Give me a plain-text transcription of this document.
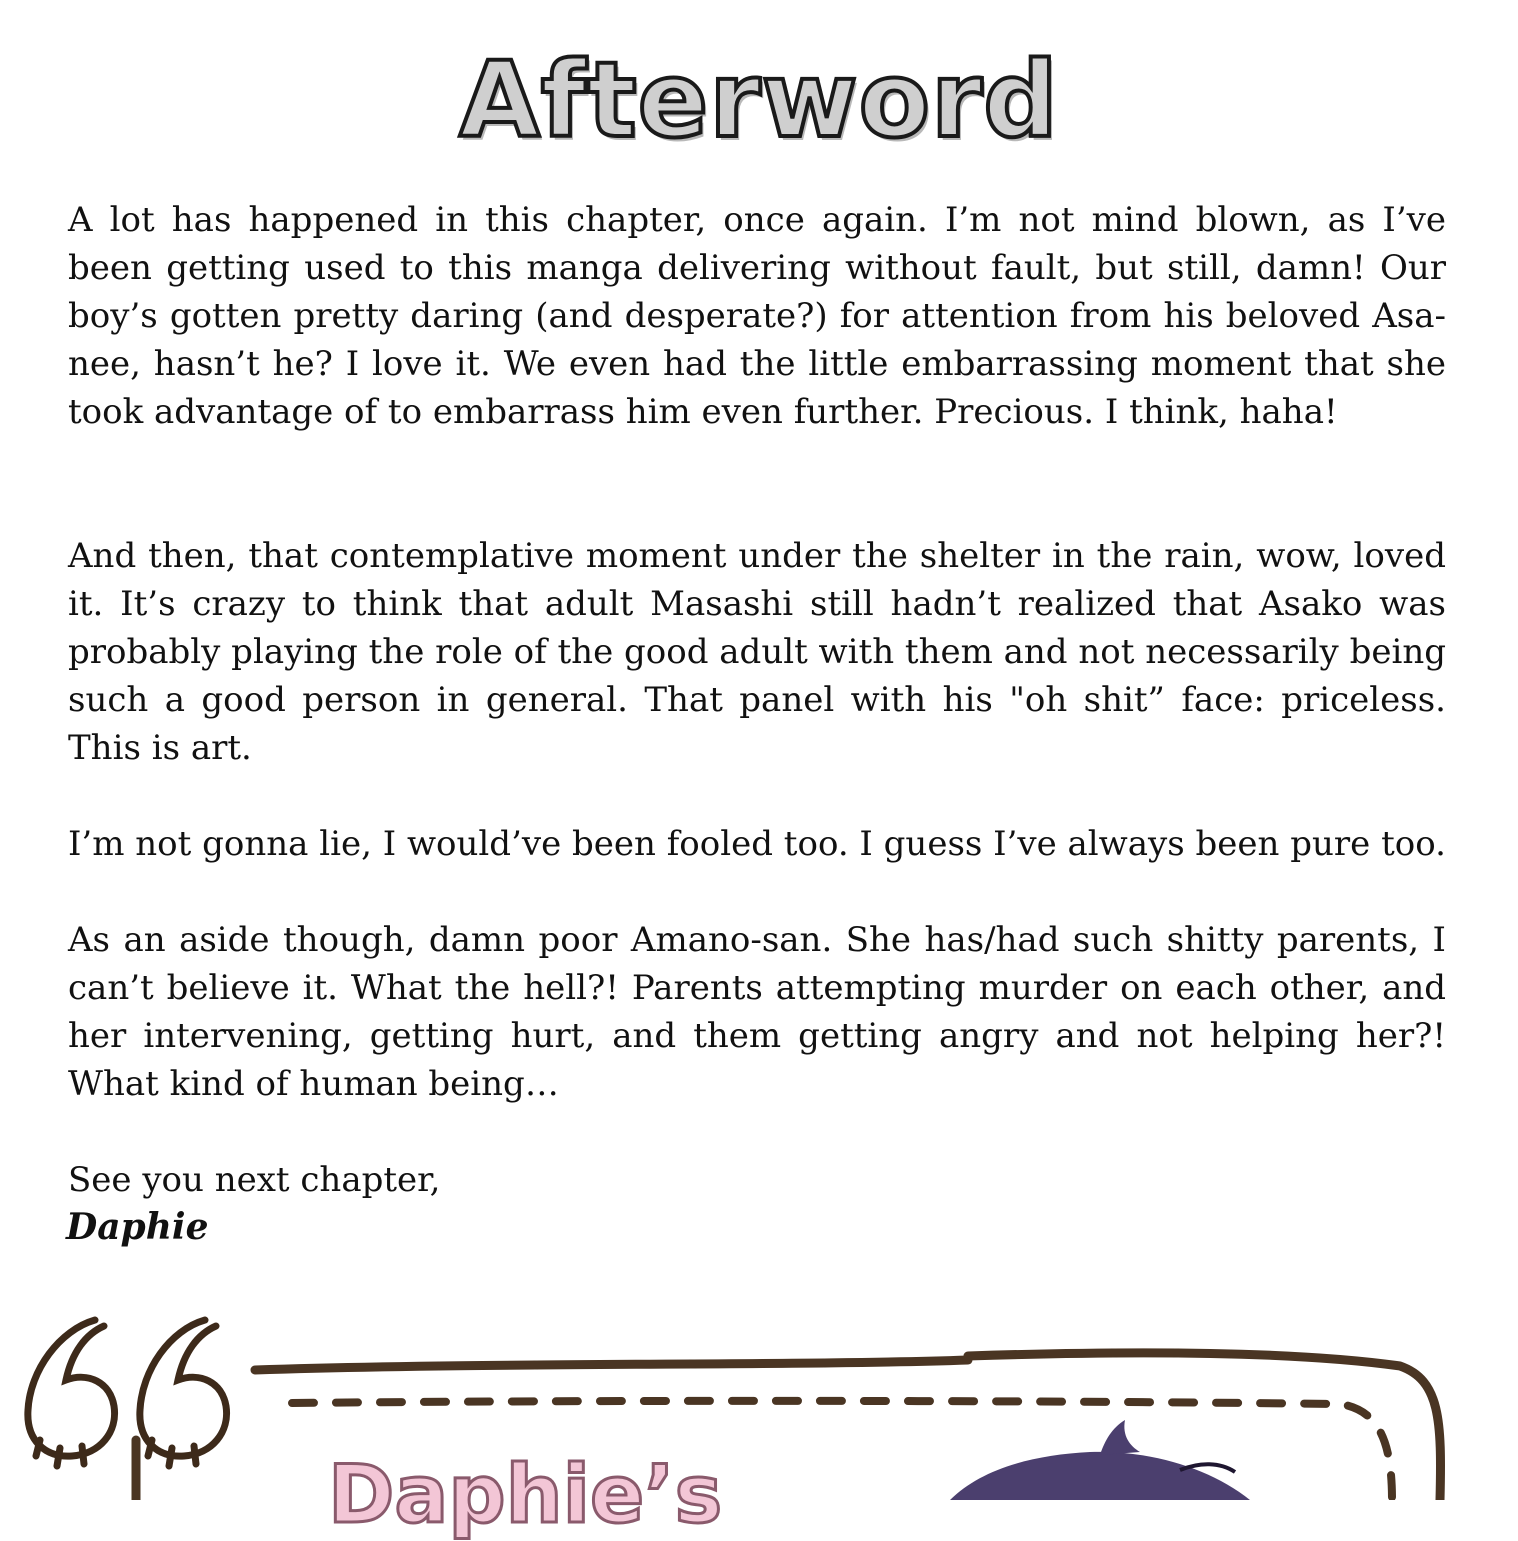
Afterword

A lot has happened in this chapter, once again. I’m not mind blown, as I’ve been getting used to this manga delivering without fault, but still, damn! Our boy’s gotten pretty daring (and desperate?) for attention from his beloved Asa-nee, hasn’t he? I love it. We even had the little embarrassing moment that she took advantage of to embarrass him even further. Precious. I think, haha!

And then, that contemplative moment under the shelter in the rain, wow, loved it. It’s crazy to think that adult Masashi still hadn’t realized that Asako was probably playing the role of the good adult with them and not necessarily being such a good person in general. That panel with his "oh shit” face: priceless. This is art.

I’m not gonna lie, I would’ve been fooled too. I guess I’ve always been pure too.

As an aside though, damn poor Amano-san. She has/had such shitty parents, I can’t believe it. What the hell?! Parents attempting murder on each other, and her intervening, getting hurt, and them getting angry and not helping her?! What kind of human being…

See you next chapter,

Daphie

Daphie’s
